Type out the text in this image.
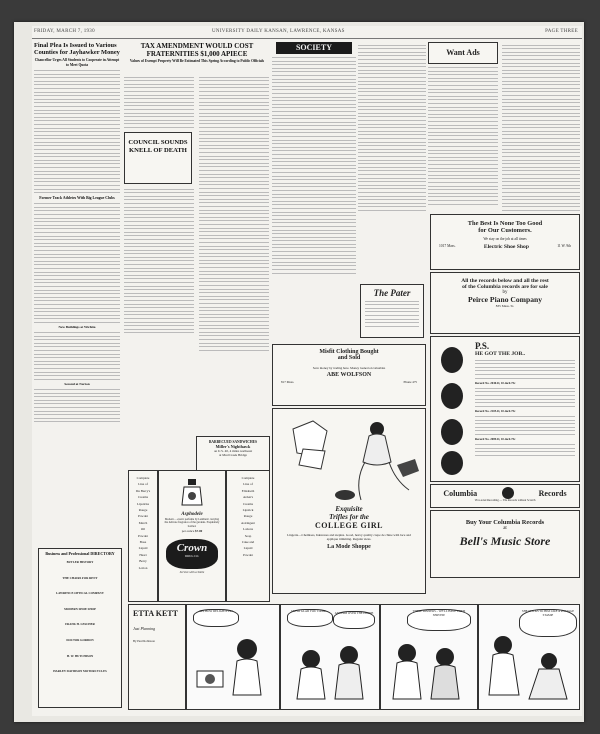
FRIDAY, MARCH 7, 1930	UNIVERSITY DAILY KANSAN, LAWRENCE, KANSAS	PAGE THREE
Final Plea Is Issued to Various Counties for Jayhawker Money
Chancellor Urges All Students to Cooperate in Attempt to Meet Quota
Former Track Athletes With Big League Clubs
New Buildings at Wichita
Second at Norton
Business and Professional DIRECTORY
BUTLER HISTORY
THE CHAIRS FOR RENT
LAWRENCE OPTICAL COMPANY
MODERN SHOE SHOP
FRANK H. LESCHER
DOCTOR GORDON
H. W. HUTCHISON
HARLEY DAVIDSON MOTORCYCLES
TAX AMENDMENT WOULD COST FRATERNITIES $1,000 APIECE
Values of Exempt Property Will Be Estimated This Spring According to Public Officials
COUNCIL SOUNDS KNELL OF DEATH
BARBECUED SANDWICHES
Miller's Nighthawk
on U.S. 40, 4 miles northeast
at Mud Creek Bridge
Complete
Line of
Du Barry's
Creams
Lipsticks
Rouge
Powder
March
Oil
Powder
Base
Liquid
Heart
Berry
Lotion
Asphodele
Modern ... exotic perfume by Lentheric carrying the delicate fragrance of the gardens. Exquisitely bottled.
per ounce $7.00
Crown
DRUG CO.
Service with a Smile
Complete
Line of
Elizabeth
Arden's
Creams
Lipstick
Rouge
Astringent
Lotions
Soap
Cake and
Liquid
Powder
SOCIETY
The Pater
Misfit Clothing Bought
and Sold
Save money by trading here. Money loaned on valuables
ABE WOLFSON
817 Mass.	Phone 475
Exquisite
Trifles for the
COLLEGE GIRL
Lingerie—Chemises, Inkstones and stepins. Good, heavy quality crepe de chine with lace and applique trimming. Regular sizes.
La Mode Shoppe
Want Ads
The Best Is None Too Good
for Our Customers.
We stay on the job at all times
1017 Mass.	Electric Shoe Shop	11 W. 9th
All the records below and all the rest
of the Columbia records are for sale
by
Peirce Piano Company
835 Mass. St.
P.S.
HE GOT THE JOB..
Record No. 2040-D, 10-inch 75c
Record No. 2105-D, 10-inch 75c
Record No. 2089-D, 10-inch 75c
Columbia	Records
Viva-tonal Recording — The Records without Scratch
Buy Your Columbia Records
at
Bell's Music Store
ETTA KETT
Just Planning
By Paul Robinson
OH, HOW DELIGHTFUL!	I'M SO GLAD YOU CAME ...	ASK HIM OVER THE PHONE	THESE DINNERS – WE'LL HAVE THEM SERVED!
SHE STICKS TO HIM LIKE A POSTAGE STAMP!
